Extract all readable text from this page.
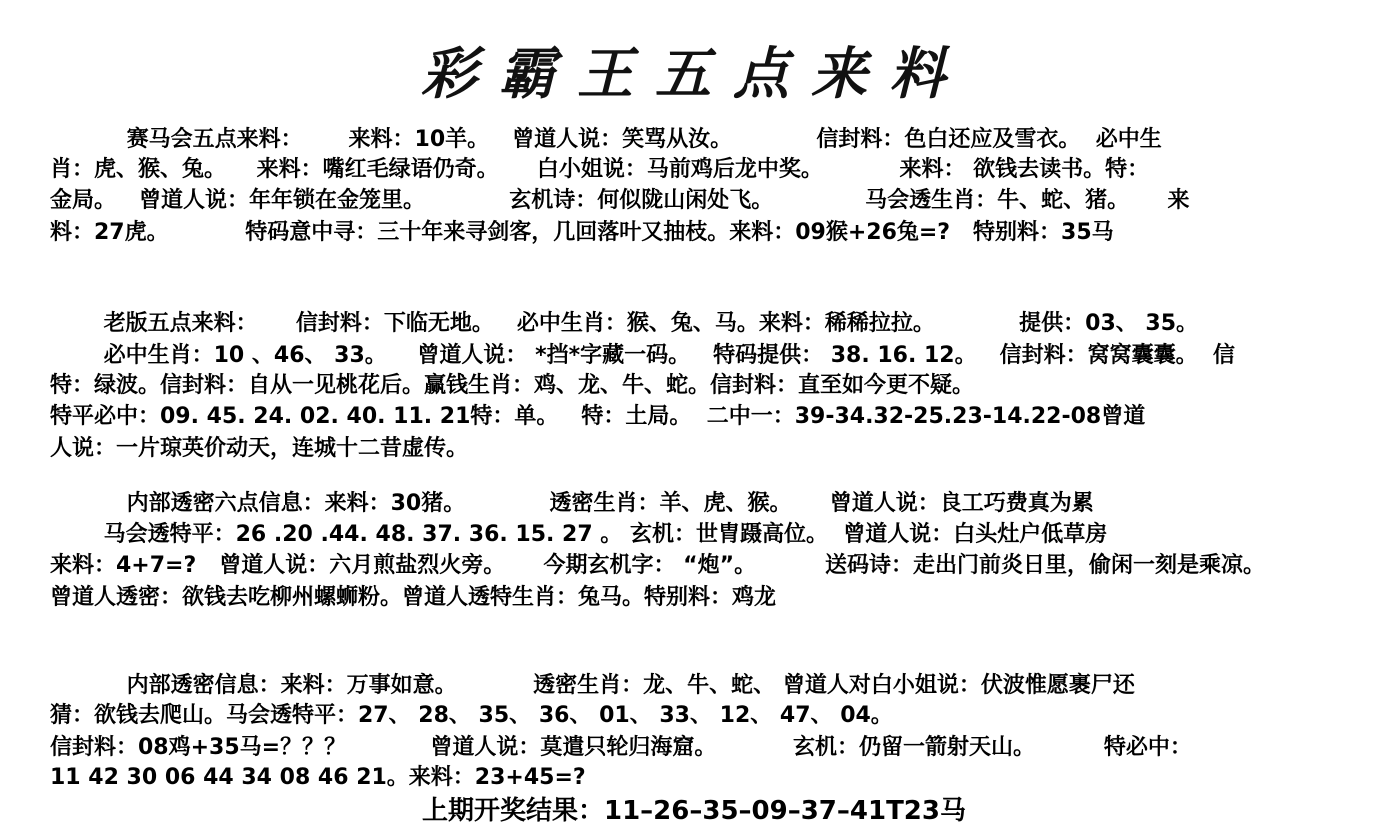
彩霸王五点来料
赛马会五点来料：      来料：10羊。   曾道人说：笑骂从汝。           信封料：色白还应及雪衣。  必中生
肖：虎、猴、兔。    来料：嘴红毛绿语仍奇。     白小姐说：马前鸡后龙中奖。          来料： 欲钱去读书。特：
金局。   曾道人说：年年锁在金笼里。           玄机诗：何似陇山闲处飞。            马会透生肖：牛、蛇、猪。     来
料：27虎。          特码意中寻：三十年来寻剑客，几回落叶又抽枝。来料：09猴+26兔=?   特别料：35马
老版五点来料：     信封料：下临无地。   必中生肖：猴、兔、马。来料：稀稀拉拉。           提供：03、 35。
必中生肖：10 、46、 33。    曾道人说： *挡*字藏一码。   特码提供： 38. 16. 12。   信封料：窝窝囊囊。  信
特：绿波。信封料：自从一见桃花后。赢钱生肖：鸡、龙、牛、蛇。信封料：直至如今更不疑。
特平必中：09. 45. 24. 02. 40. 11. 21特：单。   特：土局。  二中一：39-34.32-25.23-14.22-08曾道
人说：一片琼英价动天，连城十二昔虚传。
内部透密六点信息：来料：30猪。           透密生肖：羊、虎、猴。     曾道人说：良工巧费真为累
马会透特平：26 .20 .44. 48. 37. 36. 15. 27 。 玄机：世胄蹑高位。  曾道人说：白头灶户低草房
来料：4+7=?   曾道人说：六月煎盐烈火旁。     今期玄机字： “炮”。         送码诗：走出门前炎日里，偷闲一刻是乘凉。
曾道人透密：欲钱去吃柳州螺蛳粉。曾道人透特生肖：兔马。特别料：鸡龙
内部透密信息：来料：万事如意。          透密生肖：龙、牛、蛇、 曾道人对白小姐说：伏波惟愿裹尸还
猜：欲钱去爬山。马会透特平：27、 28、 35、 36、 01、 33、 12、 47、 04。
信封料：08鸡+35马=？？？           曾道人说：莫遣只轮归海窟。          玄机：仍留一箭射天山。         特必中：
11 42 30 06 44 34 08 46 21。来料：23+45=?
上期开奖结果：11–26–35–09–37–41T23马
